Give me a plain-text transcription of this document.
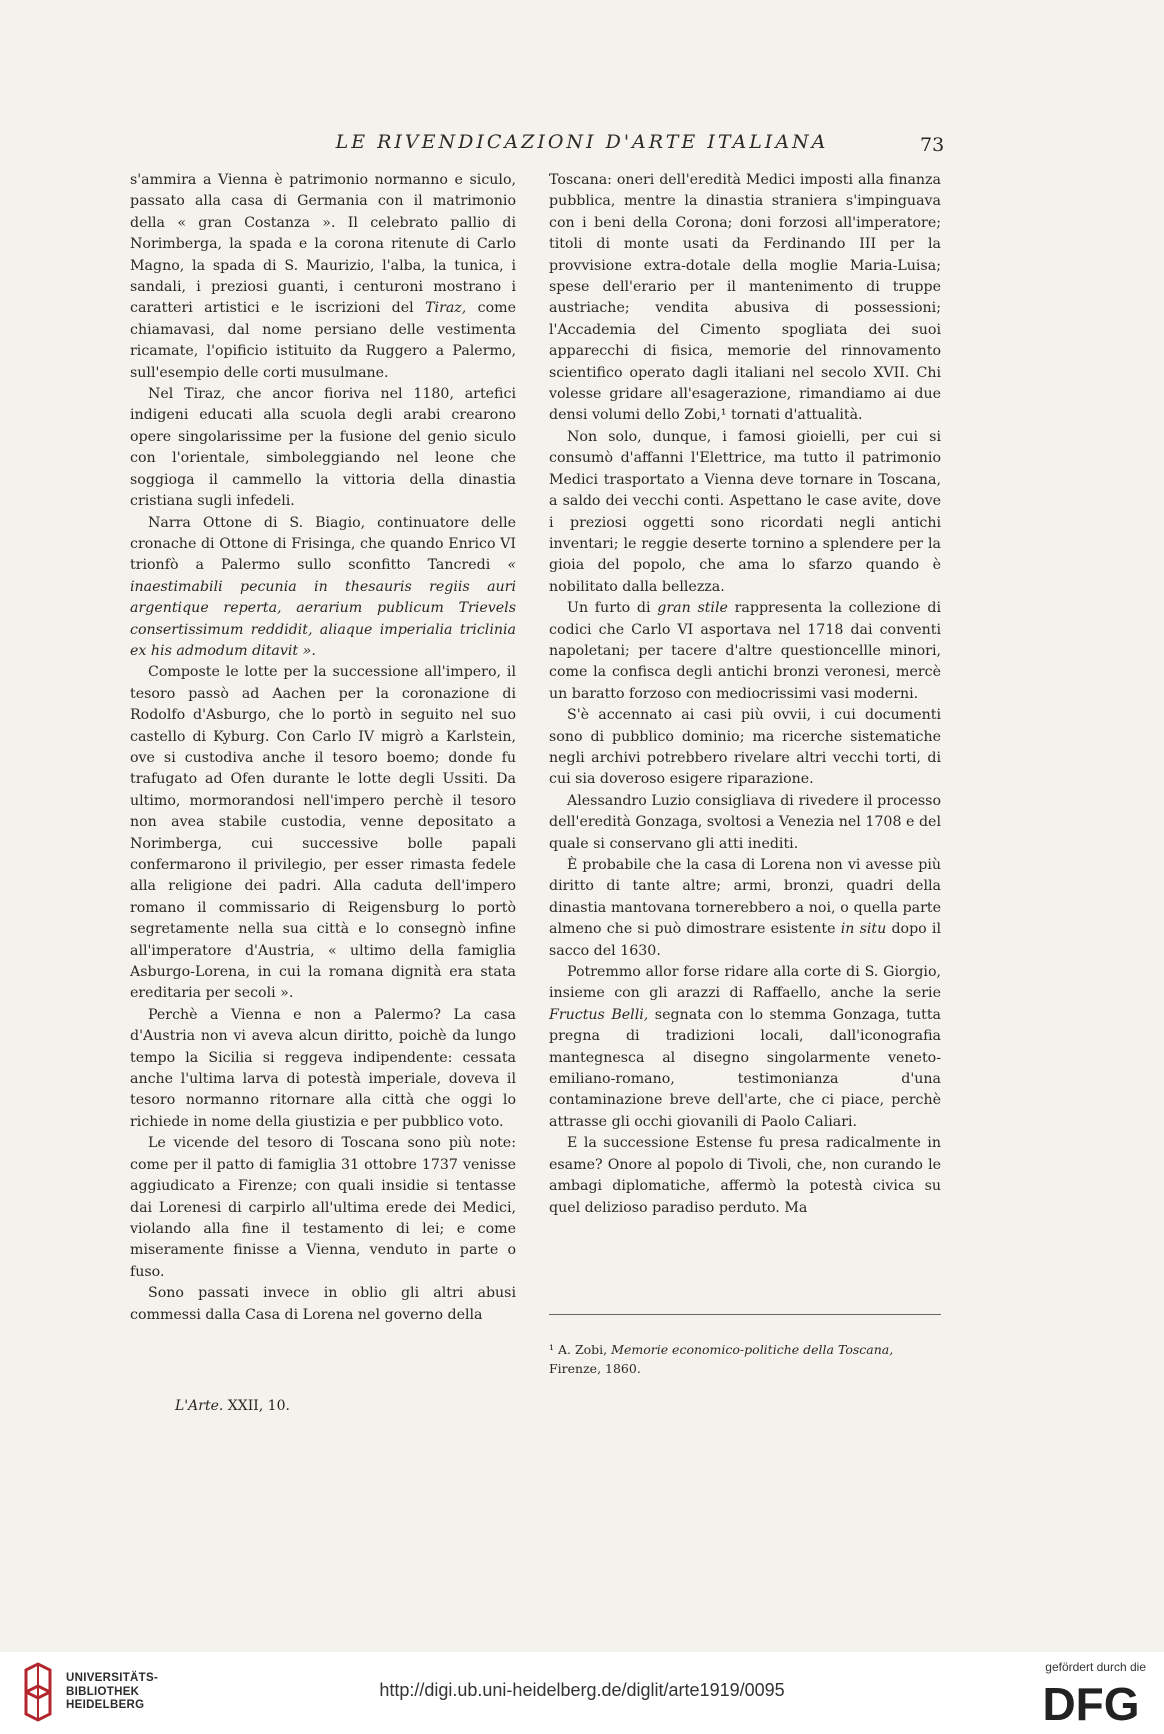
LE RIVENDICAZIONI D'ARTE ITALIANA	73

s'ammira a Vienna è patrimonio normanno e siculo, passato alla casa di Germania con il matrimonio della « gran Costanza ». Il celebrato pallio di Norimberga, la spada e la corona ritenute di Carlo Magno, la spada di S. Maurizio, l'alba, la tunica, i sandali, i preziosi guanti, i centuroni mostrano i caratteri artistici e le iscrizioni del Tiraz, come chiamavasi, dal nome persiano delle vestimenta ricamate, l'opificio istituito da Ruggero a Palermo, sull'esempio delle corti musulmane.

Nel Tiraz, che ancor fioriva nel 1180, artefici indigeni educati alla scuola degli arabi crearono opere singolarissime per la fusione del genio siculo con l'orientale, simboleggiando nel leone che soggioga il cammello la vittoria della dinastia cristiana sugli infedeli.

Narra Ottone di S. Biagio, continuatore delle cronache di Ottone di Frisinga, che quando Enrico VI trionfò a Palermo sullo sconfitto Tancredi « inaestimabili pecunia in thesauris regiis auri argentique reperta, aerarium publicum Trievels consertissimum reddidit, aliaque imperialia triclinia ex his admodum ditavit ».

Composte le lotte per la successione all'impero, il tesoro passò ad Aachen per la coronazione di Rodolfo d'Asburgo, che lo portò in seguito nel suo castello di Kyburg. Con Carlo IV migrò a Karlstein, ove si custodiva anche il tesoro boemo; donde fu trafugato ad Ofen durante le lotte degli Ussiti. Da ultimo, mormorandosi nell'impero perchè il tesoro non avea stabile custodia, venne depositato a Norimberga, cui successive bolle papali confermarono il privilegio, per esser rimasta fedele alla religione dei padri. Alla caduta dell'impero romano il commissario di Reigensburg lo portò segretamente nella sua città e lo consegnò infine all'imperatore d'Austria, « ultimo della famiglia Asburgo-Lorena, in cui la romana dignità era stata ereditaria per secoli ».

Perchè a Vienna e non a Palermo? La casa d'Austria non vi aveva alcun diritto, poichè da lungo tempo la Sicilia si reggeva indipendente: cessata anche l'ultima larva di potestà imperiale, doveva il tesoro normanno ritornare alla città che oggi lo richiede in nome della giustizia e per pubblico voto.

Le vicende del tesoro di Toscana sono più note: come per il patto di famiglia 31 ottobre 1737 venisse aggiudicato a Firenze; con quali insidie si tentasse dai Lorenesi di carpirlo all'ultima erede dei Medici, violando alla fine il testamento di lei; e come miseramente finisse a Vienna, venduto in parte o fuso.

Sono passati invece in oblio gli altri abusi commessi dalla Casa di Lorena nel governo della

Toscana: oneri dell'eredità Medici imposti alla finanza pubblica, mentre la dinastia straniera s'impinguava con i beni della Corona; doni forzosi all'imperatore; titoli di monte usati da Ferdinando III per la provvisione extra-dotale della moglie Maria-Luisa; spese dell'erario per il mantenimento di truppe austriache; vendita abusiva di possessioni; l'Accademia del Cimento spogliata dei suoi apparecchi di fisica, memorie del rinnovamento scientifico operato dagli italiani nel secolo XVII. Chi volesse gridare all'esagerazione, rimandiamo ai due densi volumi dello Zobi,¹ tornati d'attualità.

Non solo, dunque, i famosi gioielli, per cui si consumò d'affanni l'Elettrice, ma tutto il patrimonio Medici trasportato a Vienna deve tornare in Toscana, a saldo dei vecchi conti. Aspettano le case avite, dove i preziosi oggetti sono ricordati negli antichi inventari; le reggie deserte tornino a splendere per la gioia del popolo, che ama lo sfarzo quando è nobilitato dalla bellezza.

Un furto di gran stile rappresenta la collezione di codici che Carlo VI asportava nel 1718 dai conventi napoletani; per tacere d'altre questioncellle minori, come la confisca degli antichi bronzi veronesi, mercè un baratto forzoso con mediocrissimi vasi moderni.

S'è accennato ai casi più ovvii, i cui documenti sono di pubblico dominio; ma ricerche sistematiche negli archivi potrebbero rivelare altri vecchi torti, di cui sia doveroso esigere riparazione.

Alessandro Luzio consigliava di rivedere il processo dell'eredità Gonzaga, svoltosi a Venezia nel 1708 e del quale si conservano gli atti inediti.

È probabile che la casa di Lorena non vi avesse più diritto di tante altre; armi, bronzi, quadri della dinastia mantovana tornerebbero a noi, o quella parte almeno che si può dimostrare esistente in situ dopo il sacco del 1630.

Potremmo allor forse ridare alla corte di S. Giorgio, insieme con gli arazzi di Raffaello, anche la serie Fructus Belli, segnata con lo stemma Gonzaga, tutta pregna di tradizioni locali, dall'iconografia mantegnesca al disegno singolarmente veneto-emiliano-romano, testimonianza d'una contaminazione breve dell'arte, che ci piace, perchè attrasse gli occhi giovanili di Paolo Caliari.

E la successione Estense fu presa radicalmente in esame? Onore al popolo di Tivoli, che, non curando le ambagi diplomatiche, affermò la potestà civica su quel delizioso paradiso perduto. Ma

¹ A. Zobi, Memorie economico-politiche della Toscana, Firenze, 1860.
L'Arte. XXII, 10.
UNIVERSITÄTS-
BIBLIOTHEK
HEIDELBERG
http://digi.ub.uni-heidelberg.de/diglit/arte1919/0095
gefördert durch die
DFG
